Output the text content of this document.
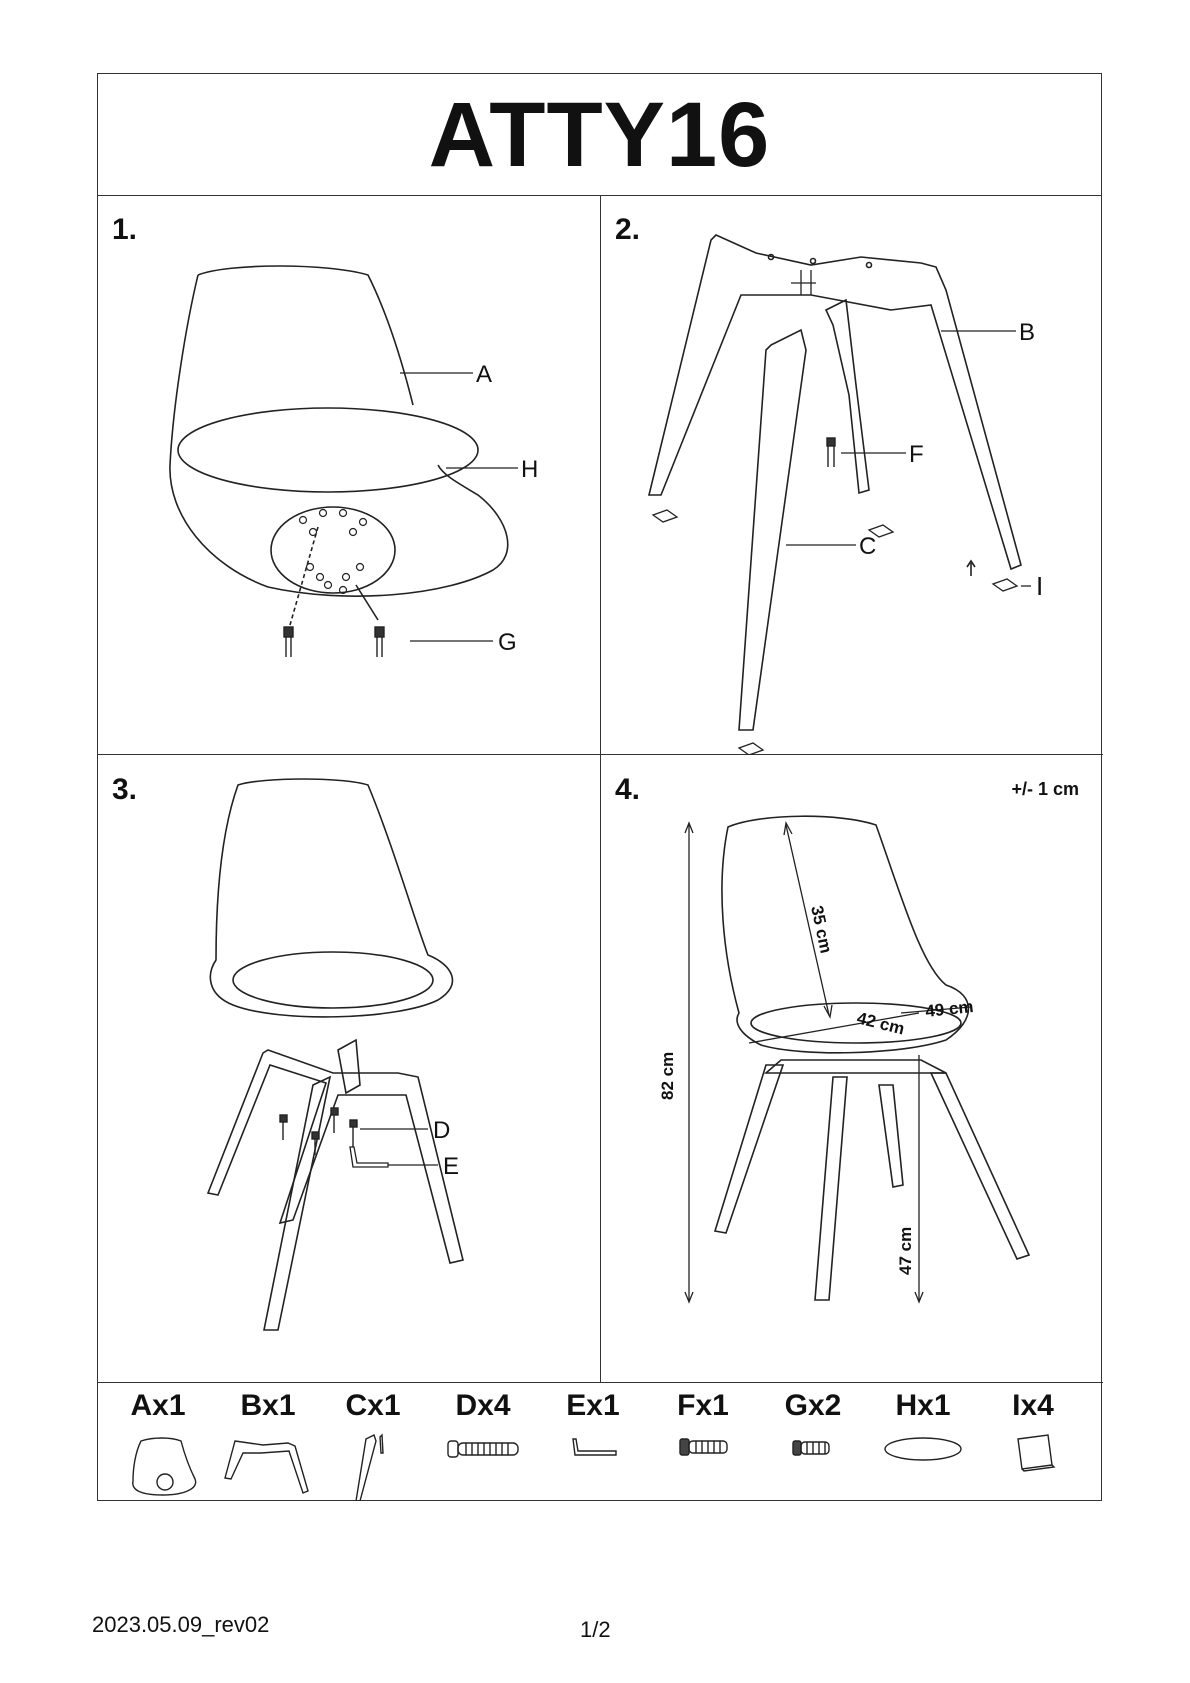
ATTY16
1.
A
H
G
2.
B
F
C
I
3.
D
E
4.	+/- 1 cm
35 cm
42 cm 49 cm
82 cm
47 cm
Ax1	Bx1	Cx1	Dx4	Ex1	Fx1	Gx2	Hx1	Ix4
2023.05.09_rev02	1/2
